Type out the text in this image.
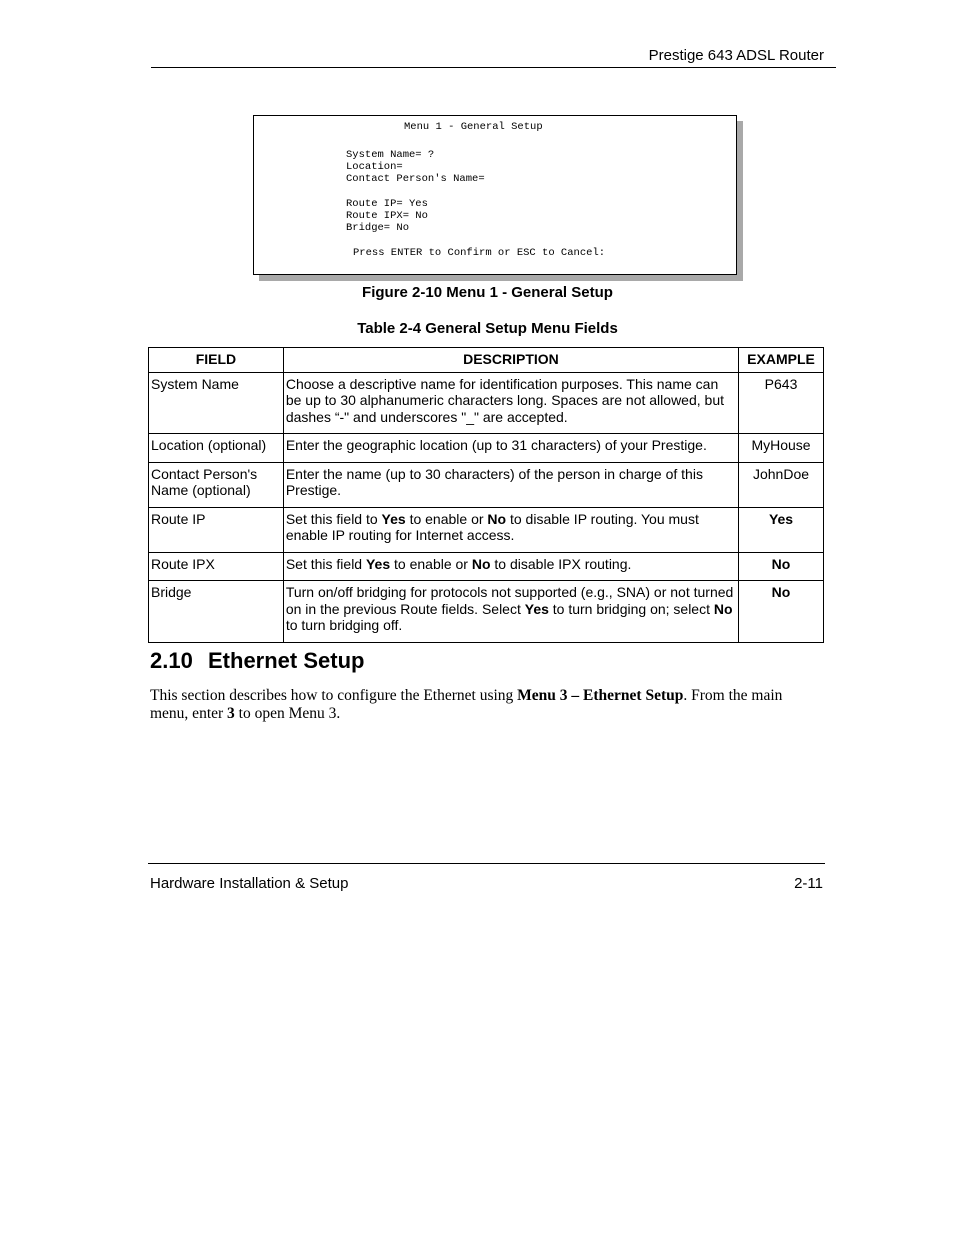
Prestige 643 ADSL Router

Menu 1 - General Setup

System Name= ?

Location=

Contact Person's Name=

Route IP= Yes

Route IPX= No

Bridge= No

Press ENTER to Confirm or ESC to Cancel:

Figure 2-10 Menu 1 - General Setup
Table 2-4 General Setup Menu Fields
FIELD	DESCRIPTION	EXAMPLE
System Name	Choose a descriptive name for identification purposes. This name can be up to 30 alphanumeric characters long. Spaces are not allowed, but dashes “-" and underscores "_" are accepted.	P643
Location (optional)	Enter the geographic location (up to 31 characters) of your Prestige.	MyHouse
Contact Person's Name (optional)	Enter the name (up to 30 characters) of the person in charge of this Prestige.	JohnDoe
Route IP	Set this field to Yes to enable or No to disable IP routing. You must enable IP routing for Internet access.	Yes
Route IPX	Set this field Yes to enable or No to disable IPX routing.	No
Bridge	Turn on/off bridging for protocols not supported (e.g., SNA) or not turned on in the previous Route fields. Select Yes to turn bridging on; select No to turn bridging off.	No
2.10 Ethernet Setup
This section describes how to configure the Ethernet using Menu 3 – Ethernet Setup. From the main menu, enter 3 to open Menu 3.
Hardware Installation & Setup	2-11
